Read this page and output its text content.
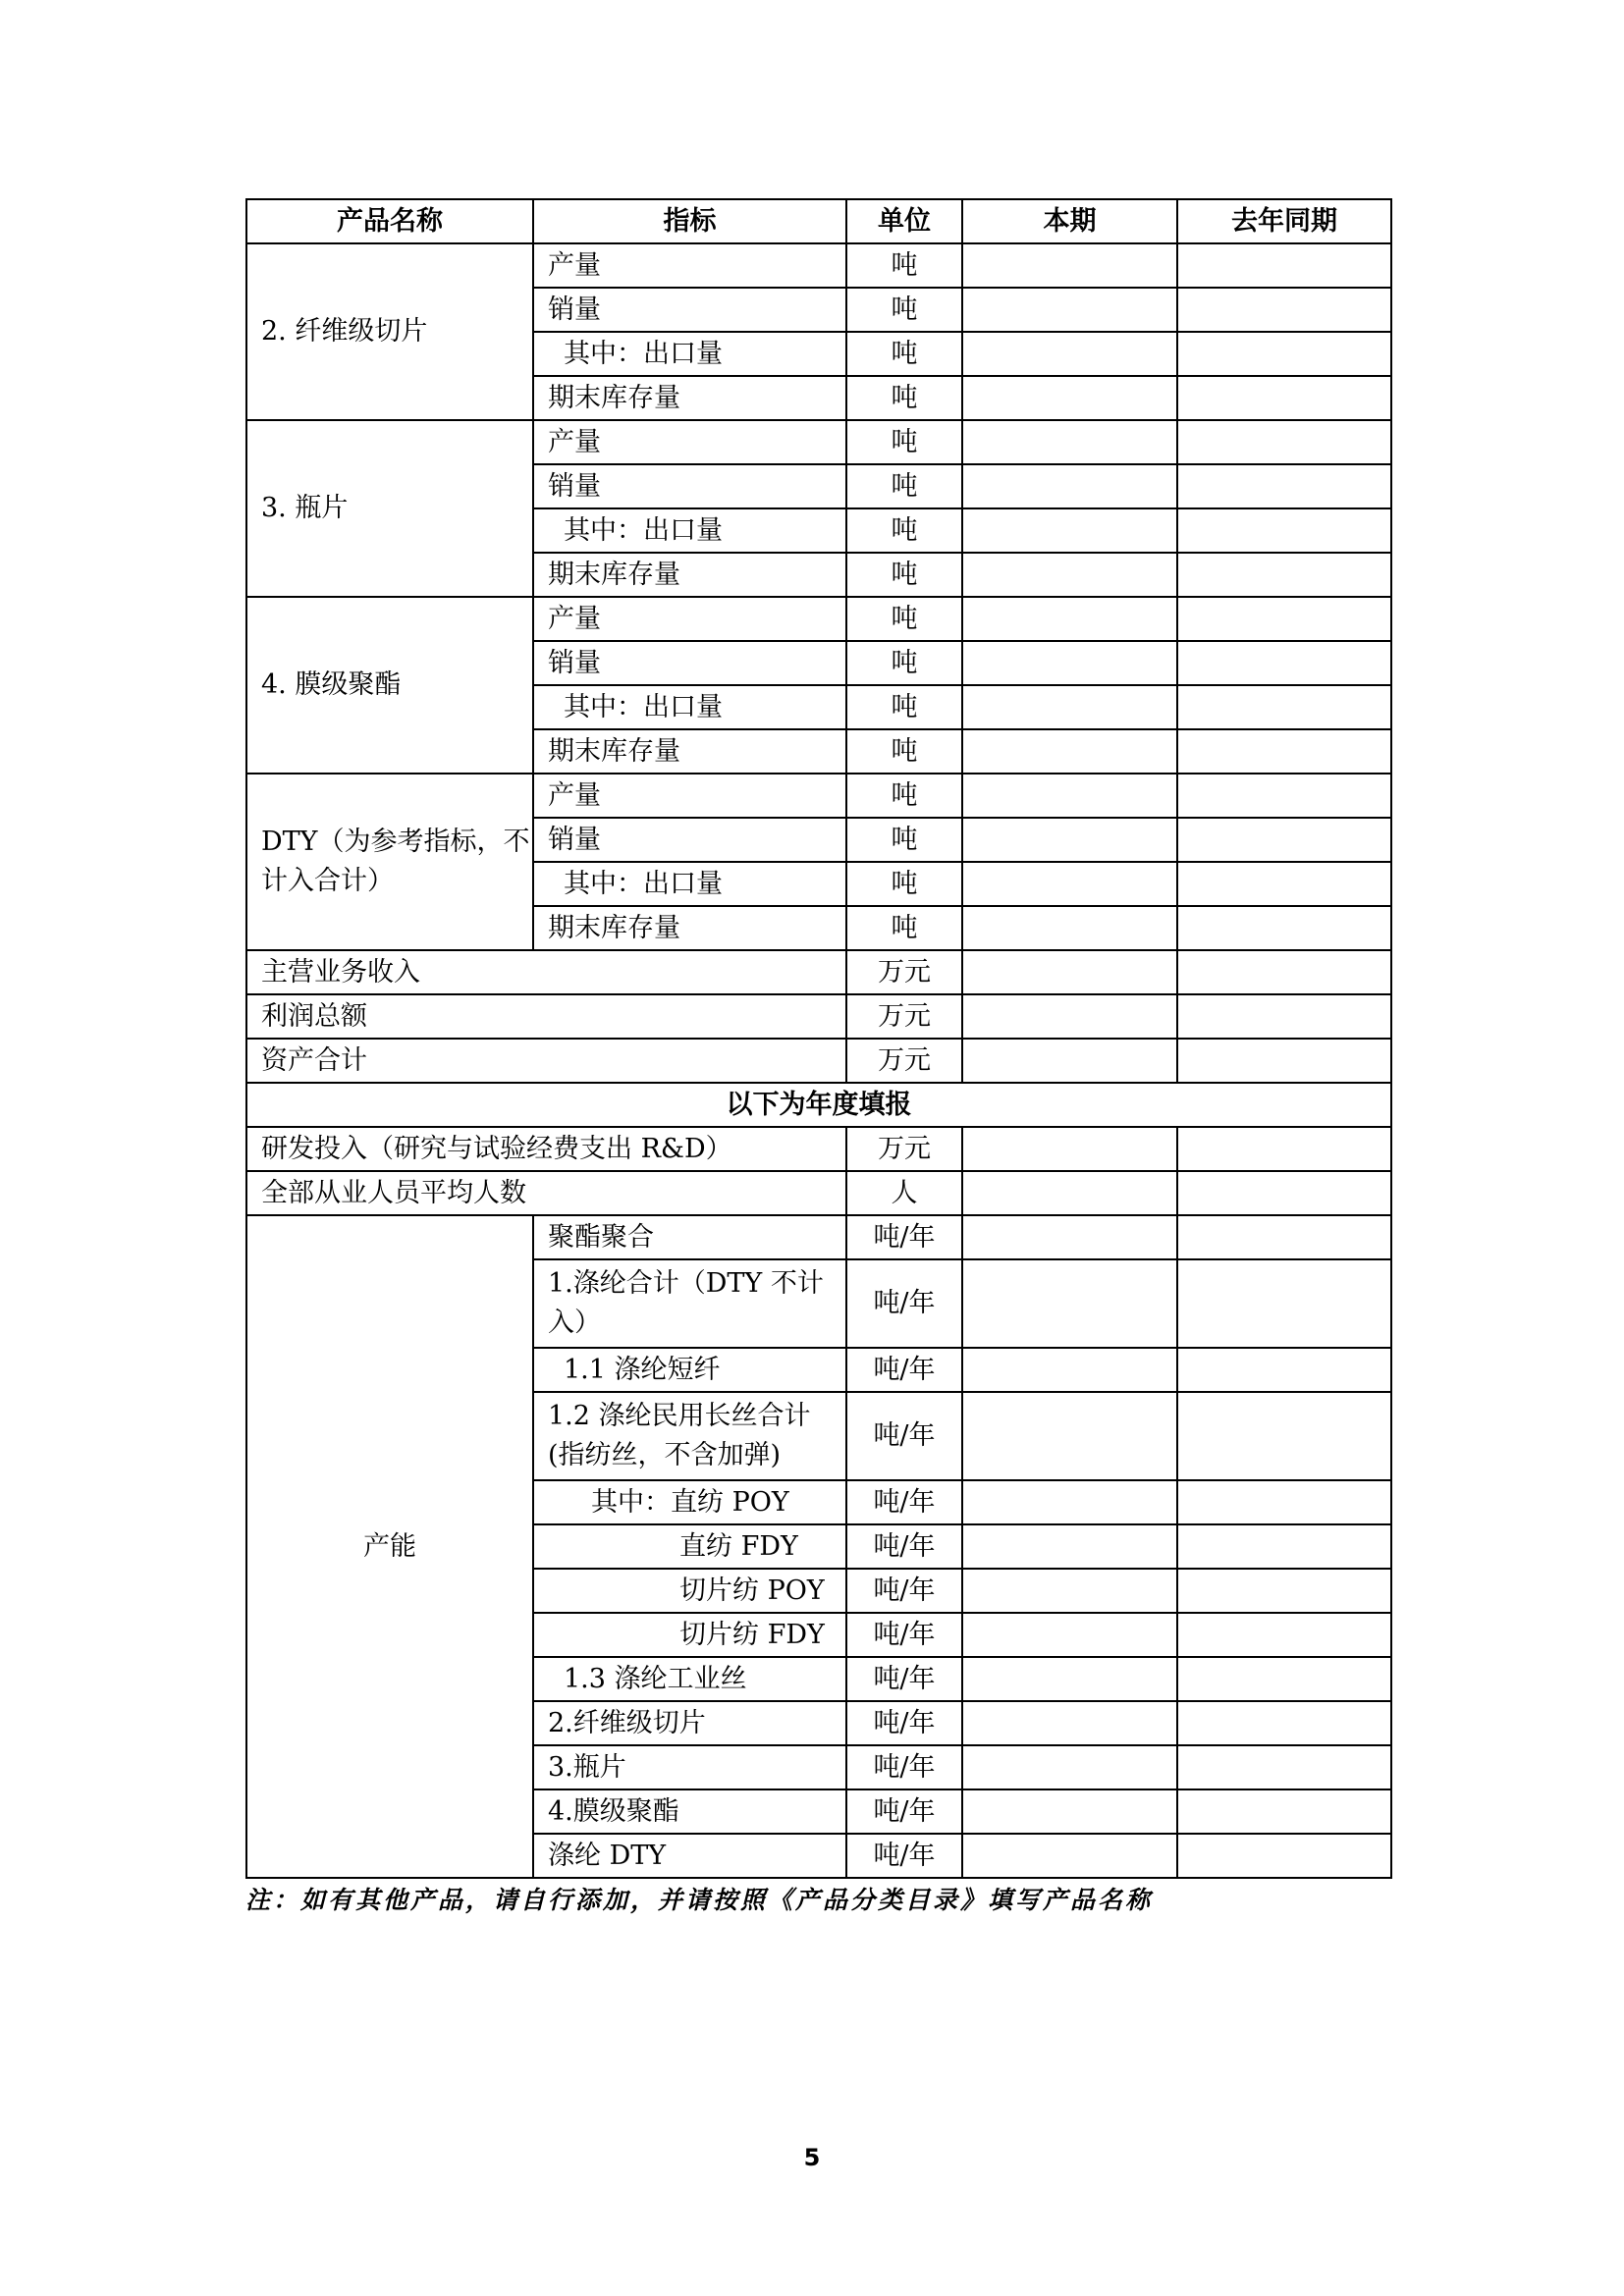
产品名称	指标	单位	本期	去年同期
2. 纤维级切片	产量	吨		
	销量	吨		
	其中：出口量	吨		
	期末库存量	吨		
3. 瓶片	产量	吨		
	销量	吨		
	其中：出口量	吨		
	期末库存量	吨		
4. 膜级聚酯	产量	吨		
	销量	吨		
	其中：出口量	吨		
	期末库存量	吨		
DTY（为参考指标，不计入合计）	产量	吨		
	销量	吨		
	其中：出口量	吨		
	期末库存量	吨		
主营业务收入		万元		
利润总额		万元		
资产合计		万元		
以下为年度填报				
研发投入（研究与试验经费支出 R&D）		万元		
全部从业人员平均人数		人		
产能	聚酯聚合	吨/年		
	1.涤纶合计（DTY 不计入）	吨/年		
	1.1 涤纶短纤	吨/年		
	1.2 涤纶民用长丝合计(指纺丝，不含加弹)	吨/年		
	其中：直纺 POY	吨/年		
	直纺 FDY	吨/年		
	切片纺 POY	吨/年		
	切片纺 FDY	吨/年		
	1.3 涤纶工业丝	吨/年		
	2.纤维级切片	吨/年		
	3.瓶片	吨/年		
	4.膜级聚酯	吨/年		
	涤纶 DTY	吨/年		
注：如有其他产品，请自行添加，并请按照《产品分类目录》填写产品名称
5
